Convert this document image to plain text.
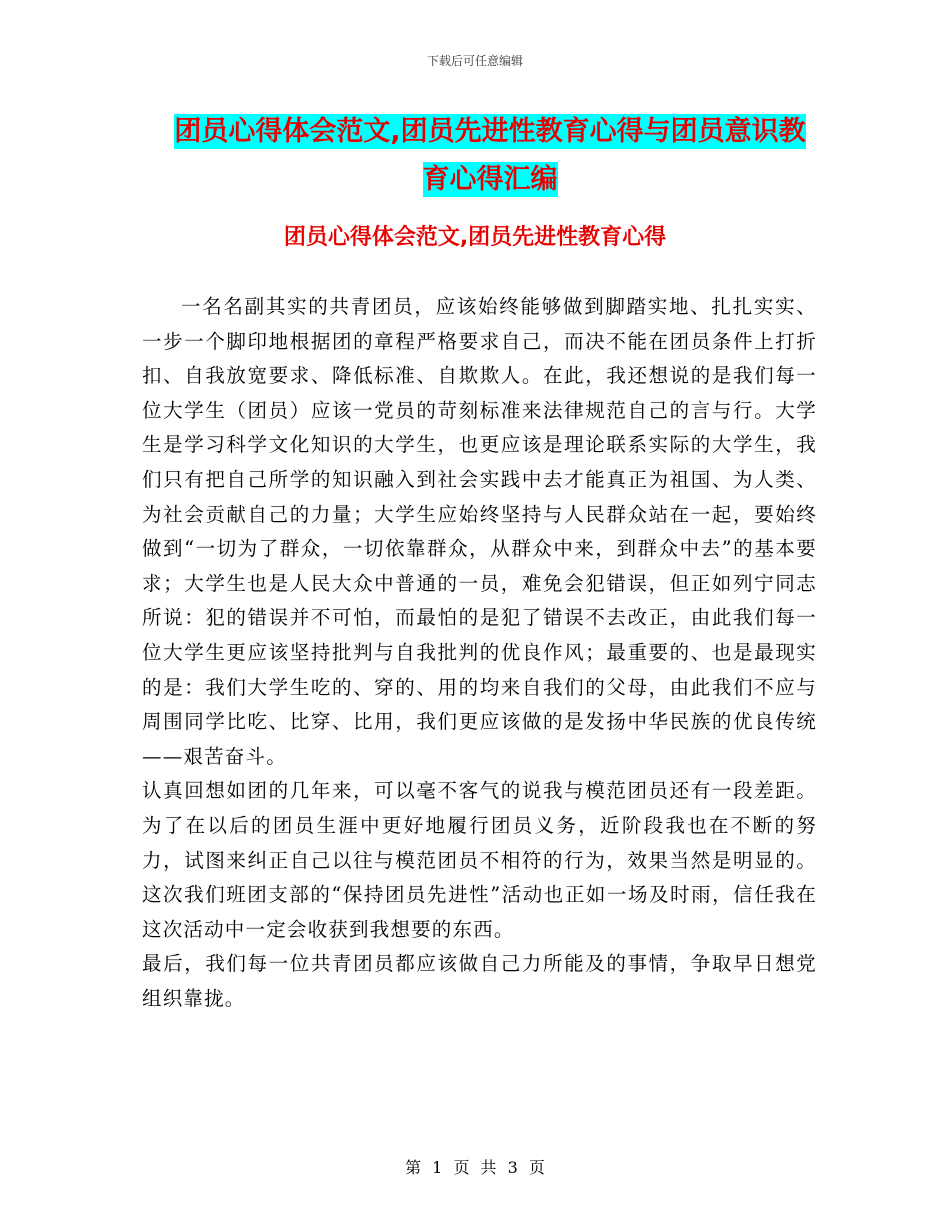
下载后可任意编辑
团员心得体会范文,团员先进性教育心得与团员意识教
育心得汇编
团员心得体会范文,团员先进性教育心得

一名名副其实的共青团员，应该始终能够做到脚踏实地、扎扎实实、一步一个脚印地根据团的章程严格要求自己，而决不能在团员条件上打折扣、自我放宽要求、降低标准、自欺欺人。在此，我还想说的是我们每一位大学生（团员）应该一党员的苛刻标准来法律规范自己的言与行。大学生是学习科学文化知识的大学生，也更应该是理论联系实际的大学生，我们只有把自己所学的知识融入到社会实践中去才能真正为祖国、为人类、为社会贡献自己的力量；大学生应始终坚持与人民群众站在一起，要始终做到“一切为了群众，一切依靠群众，从群众中来，到群众中去”的基本要求；大学生也是人民大众中普通的一员，难免会犯错误，但正如列宁同志所说：犯的错误并不可怕，而最怕的是犯了错误不去改正，由此我们每一位大学生更应该坚持批判与自我批判的优良作风；最重要的、也是最现实的是：我们大学生吃的、穿的、用的均来自我们的父母，由此我们不应与周围同学比吃、比穿、比用，我们更应该做的是发扬中华民族的优良传统——艰苦奋斗。

认真回想如团的几年来，可以毫不客气的说我与模范团员还有一段差距。为了在以后的团员生涯中更好地履行团员义务，近阶段我也在不断的努力，试图来纠正自己以往与模范团员不相符的行为，效果当然是明显的。这次我们班团支部的“保持团员先进性”活动也正如一场及时雨，信任我在这次活动中一定会收获到我想要的东西。

最后，我们每一位共青团员都应该做自己力所能及的事情，争取早日想党组织靠拢。

第 1 页 共 3 页
